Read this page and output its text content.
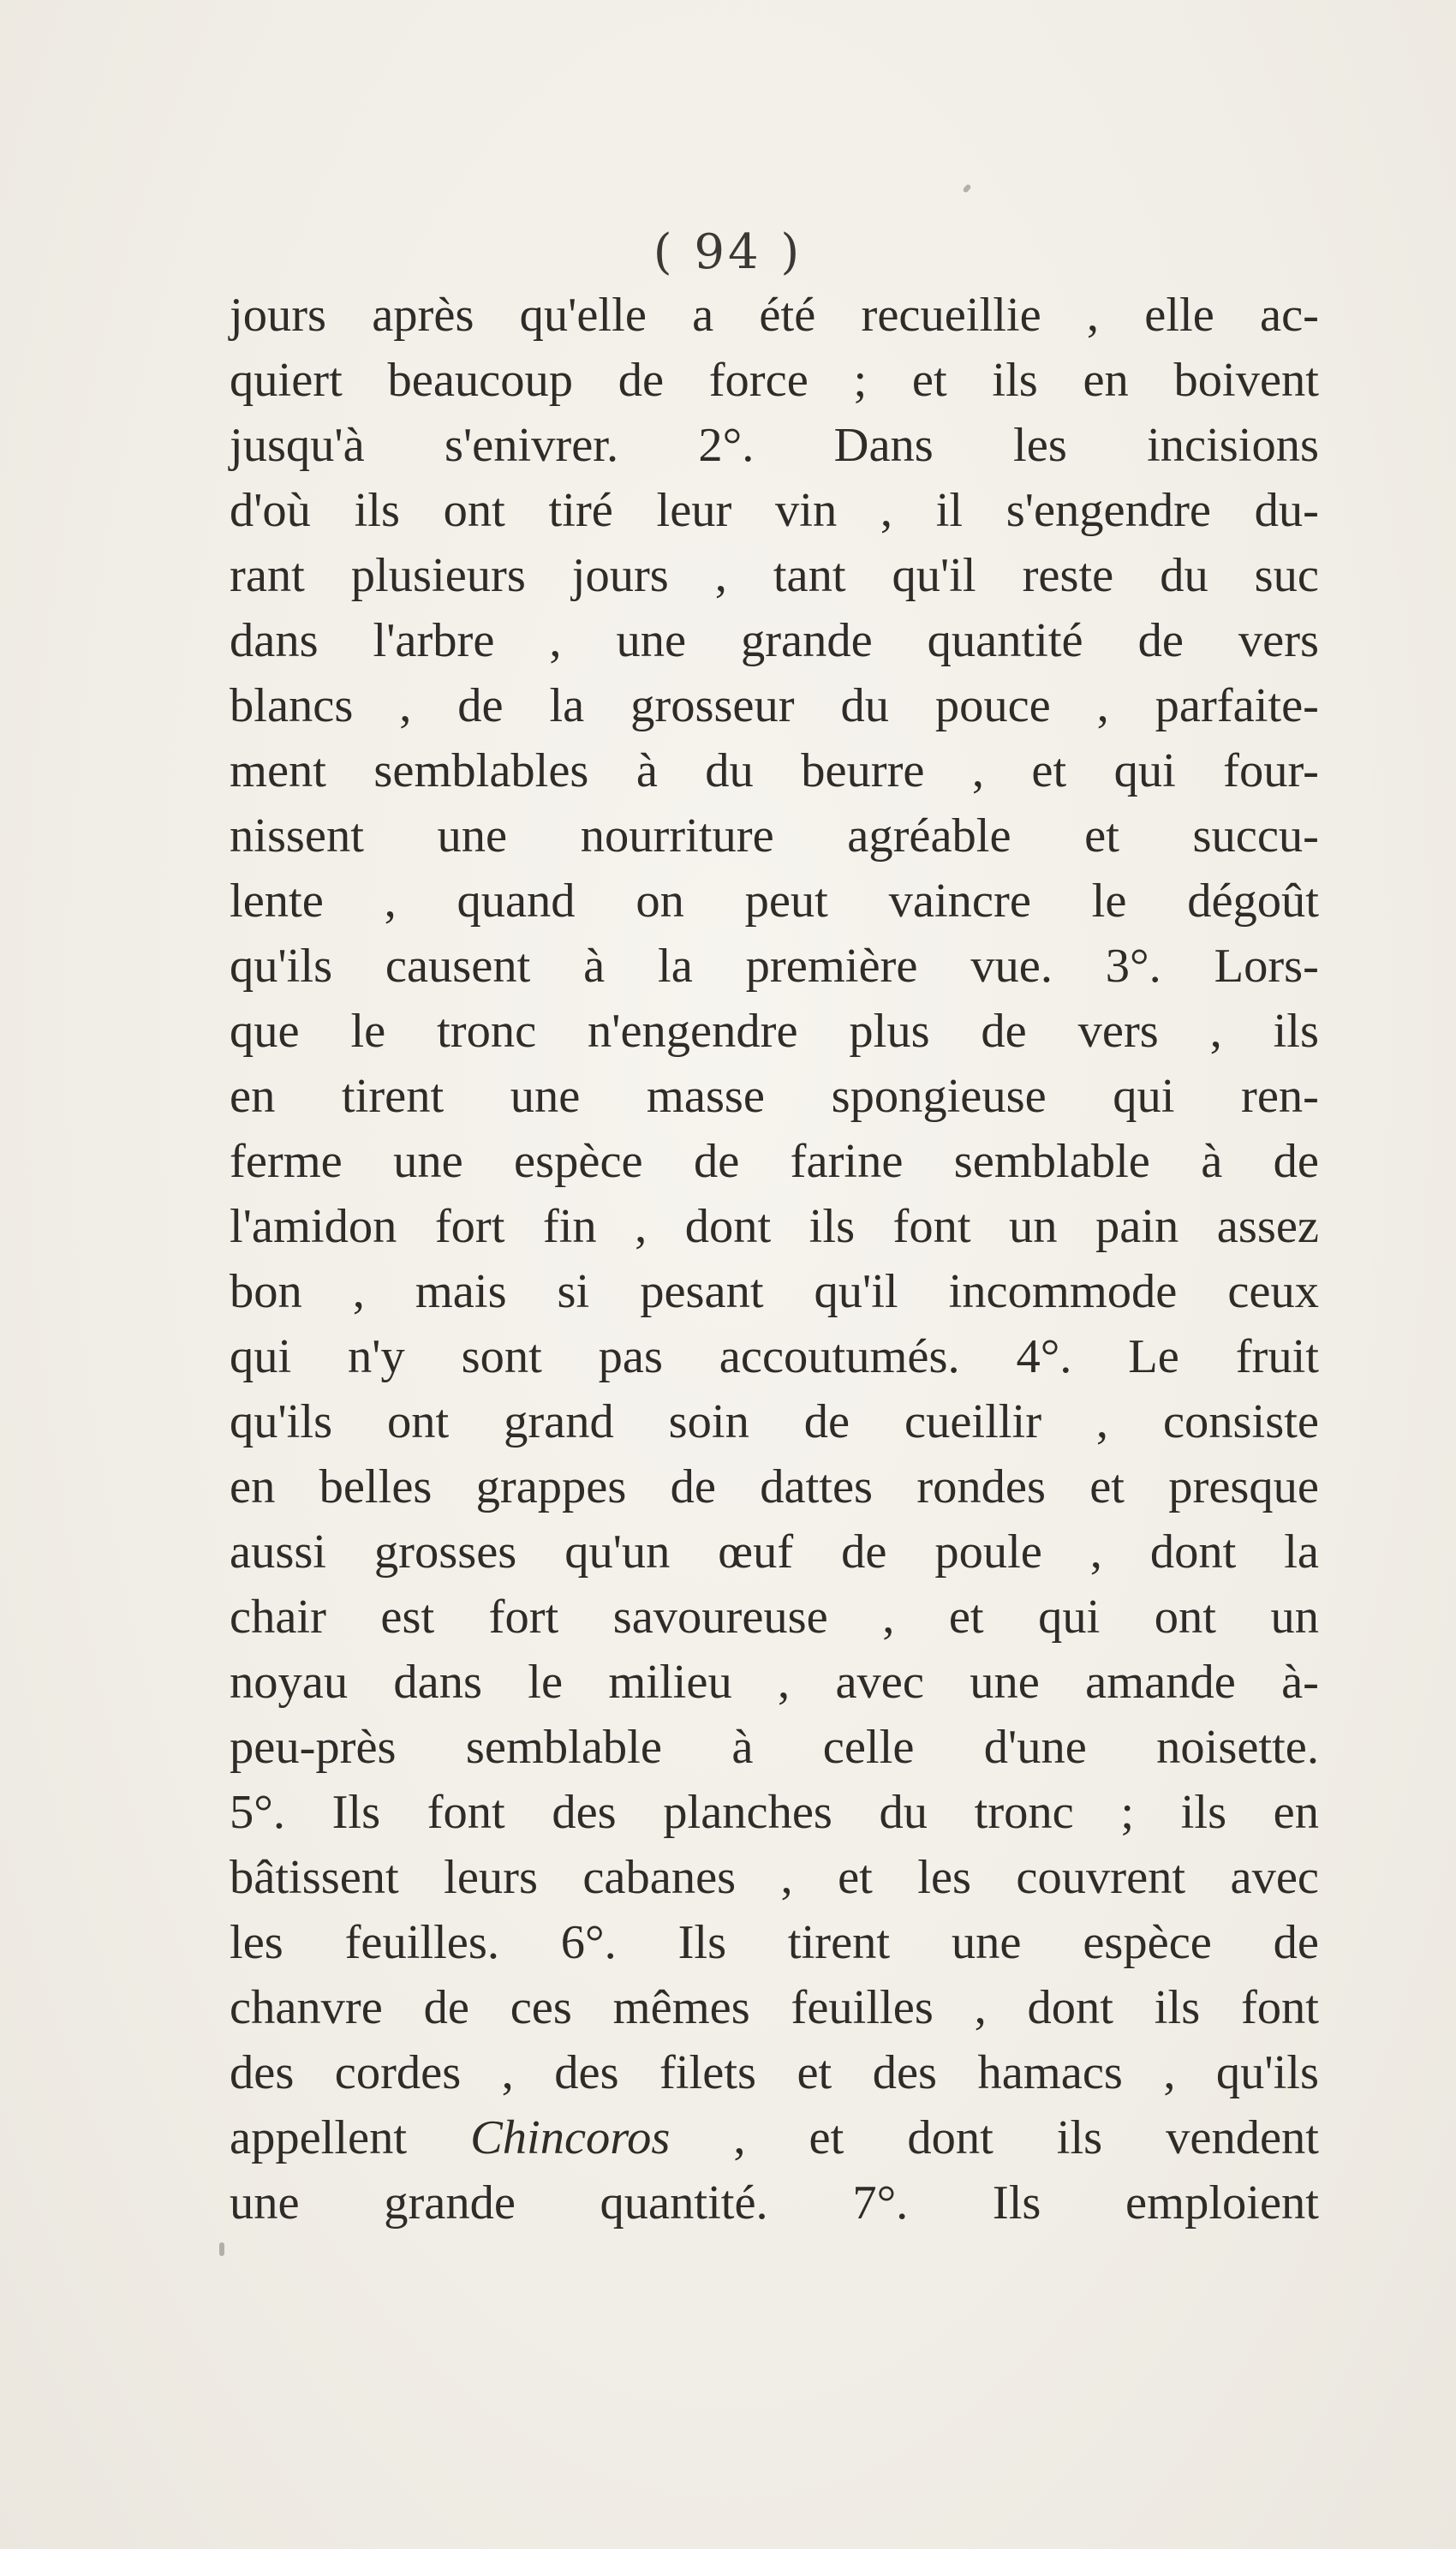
( 94 )
jours après qu'elle a été recueillie , elle ac-
quiert beaucoup de force ; et ils en boivent
jusqu'à s'enivrer. 2°. Dans les incisions
d'où ils ont tiré leur vin , il s'engendre du-
rant plusieurs jours , tant qu'il reste du suc
dans l'arbre , une grande quantité de vers
blancs , de la grosseur du pouce , parfaite-
ment semblables à du beurre , et qui four-
nissent une nourriture agréable et succu-
lente , quand on peut vaincre le dégoût
qu'ils causent à la première vue. 3°. Lors-
que le tronc n'engendre plus de vers , ils
en tirent une masse spongieuse qui ren-
ferme une espèce de farine semblable à de
l'amidon fort fin , dont ils font un pain assez
bon , mais si pesant qu'il incommode ceux
qui n'y sont pas accoutumés. 4°. Le fruit
qu'ils ont grand soin de cueillir , consiste
en belles grappes de dattes rondes et presque
aussi grosses qu'un œuf de poule , dont la
chair est fort savoureuse , et qui ont un
noyau dans le milieu , avec une amande à-
peu-près semblable à celle d'une noisette.
5°. Ils font des planches du tronc ; ils en
bâtissent leurs cabanes , et les couvrent avec
les feuilles. 6°. Ils tirent une espèce de
chanvre de ces mêmes feuilles , dont ils font
des cordes , des filets et des hamacs , qu'ils
appellent Chincoros , et dont ils vendent
une grande quantité. 7°. Ils emploient
